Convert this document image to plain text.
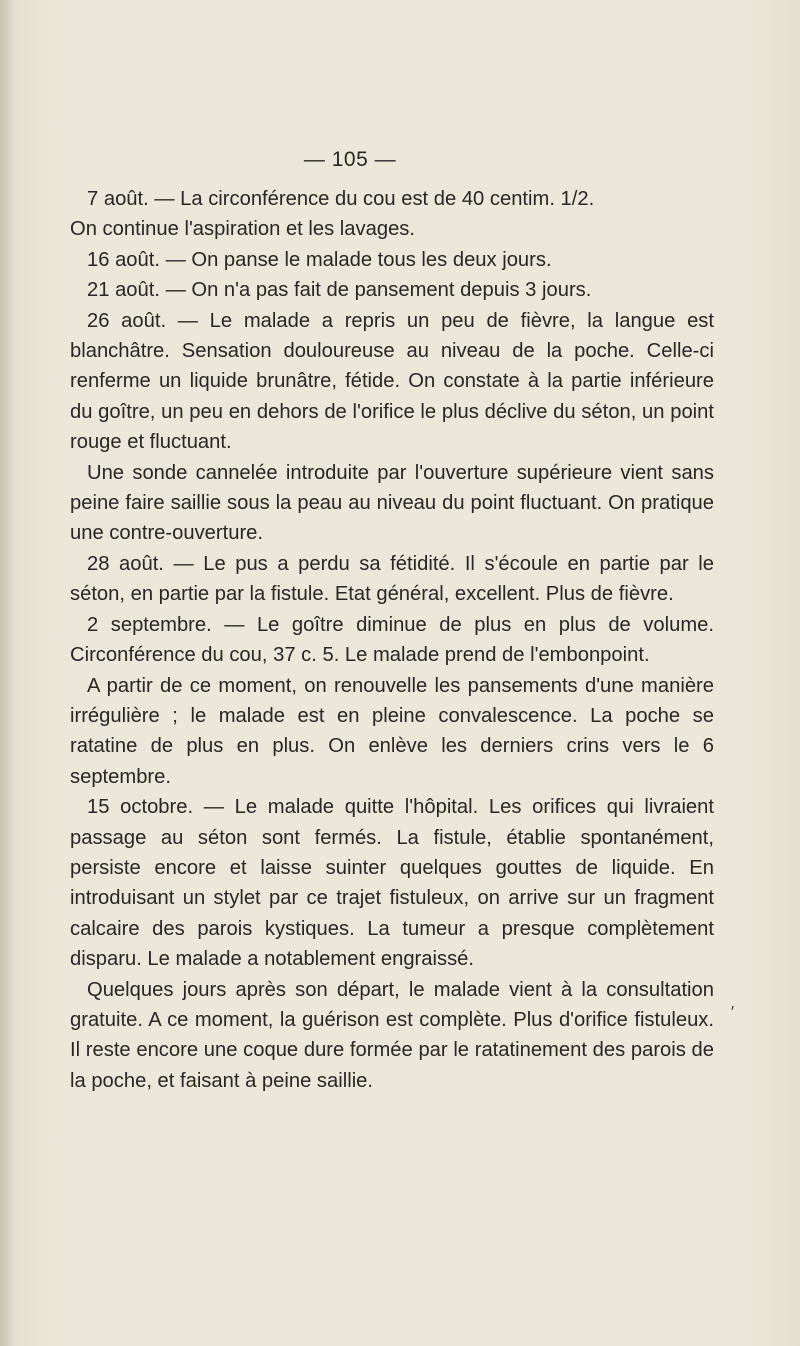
— 105 —

7 août. — La circonférence du cou est de 40 centim. 1/2.

On continue l'aspiration et les lavages.

16 août. — On panse le malade tous les deux jours.

21 août. — On n'a pas fait de pansement depuis 3 jours.

26 août. — Le malade a repris un peu de fièvre, la langue est blanchâtre. Sensation douloureuse au niveau de la poche. Celle-ci renferme un liquide brunâtre, fétide. On constate à la partie inférieure du goître, un peu en dehors de l'orifice le plus déclive du séton, un point rouge et fluctuant.

Une sonde cannelée introduite par l'ouverture supérieure vient sans peine faire saillie sous la peau au niveau du point fluctuant. On pratique une contre-ouverture.

28 août. — Le pus a perdu sa fétidité. Il s'écoule en partie par le séton, en partie par la fistule. Etat général, excellent. Plus de fièvre.

2 septembre. — Le goître diminue de plus en plus de volume. Circonférence du cou, 37 c. 5. Le malade prend de l'embonpoint.

A partir de ce moment, on renouvelle les pansements d'une manière irrégulière ; le malade est en pleine convalescence. La poche se ratatine de plus en plus. On enlève les derniers crins vers le 6 septembre.

15 octobre. — Le malade quitte l'hôpital. Les orifices qui livraient passage au séton sont fermés. La fistule, établie spontanément, persiste encore et laisse suinter quelques gouttes de liquide. En introduisant un stylet par ce trajet fistuleux, on arrive sur un fragment calcaire des parois kystiques. La tumeur a presque complètement disparu. Le malade a notablement engraissé.

Quelques jours après son départ, le malade vient à la consultation gratuite. A ce moment, la guérison est complète. Plus d'orifice fistuleux. Il reste encore une coque dure formée par le ratatinement des parois de la poche, et faisant à peine saillie.

′
